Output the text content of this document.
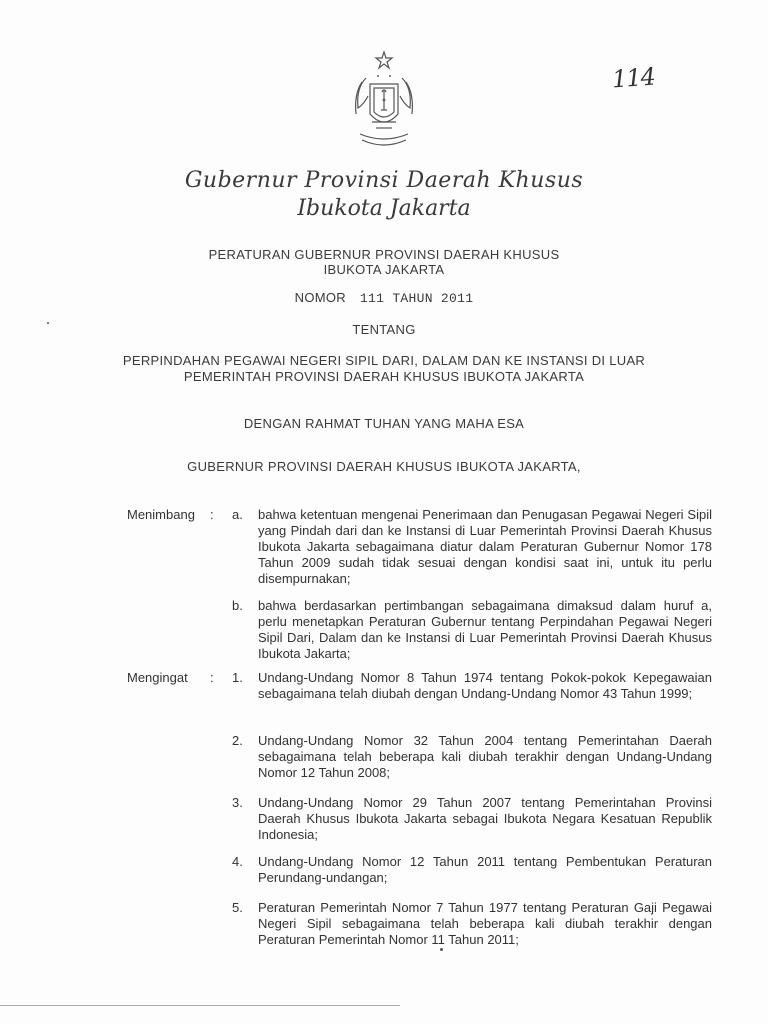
114
Gubernur Provinsi Daerah Khusus
Ibukota Jakarta
PERATURAN GUBERNUR PROVINSI DAERAH KHUSUS
IBUKOTA JAKARTA
NOMOR 111 TAHUN 2011
TENTANG
PERPINDAHAN PEGAWAI NEGERI SIPIL DARI, DALAM DAN KE INSTANSI DI LUAR
PEMERINTAH PROVINSI DAERAH KHUSUS IBUKOTA JAKARTA
DENGAN RAHMAT TUHAN YANG MAHA ESA
GUBERNUR PROVINSI DAERAH KHUSUS IBUKOTA JAKARTA,
Menimbang : a. bahwa ketentuan mengenai Penerimaan dan Penugasan Pegawai Negeri Sipil yang Pindah dari dan ke Instansi di Luar Pemerintah Provinsi Daerah Khusus Ibukota Jakarta sebagaimana diatur dalam Peraturan Gubernur Nomor 178 Tahun 2009 sudah tidak sesuai dengan kondisi saat ini, untuk itu perlu disempurnakan;

b. bahwa berdasarkan pertimbangan sebagaimana dimaksud dalam huruf a, perlu menetapkan Peraturan Gubernur tentang Perpindahan Pegawai Negeri Sipil Dari, Dalam dan ke Instansi di Luar Pemerintah Provinsi Daerah Khusus Ibukota Jakarta;

Mengingat : 1. Undang-Undang Nomor 8 Tahun 1974 tentang Pokok-pokok Kepegawaian sebagaimana telah diubah dengan Undang-Undang Nomor 43 Tahun 1999;

2. Undang-Undang Nomor 32 Tahun 2004 tentang Pemerintahan Daerah sebagaimana telah beberapa kali diubah terakhir dengan Undang-Undang Nomor 12 Tahun 2008;

3. Undang-Undang Nomor 29 Tahun 2007 tentang Pemerintahan Provinsi Daerah Khusus Ibukota Jakarta sebagai Ibukota Negara Kesatuan Republik Indonesia;

4. Undang-Undang Nomor 12 Tahun 2011 tentang Pembentukan Peraturan Perundang-undangan;

5. Peraturan Pemerintah Nomor 7 Tahun 1977 tentang Peraturan Gaji Pegawai Negeri Sipil sebagaimana telah beberapa kali diubah terakhir dengan Peraturan Pemerintah Nomor 11 Tahun 2011;
